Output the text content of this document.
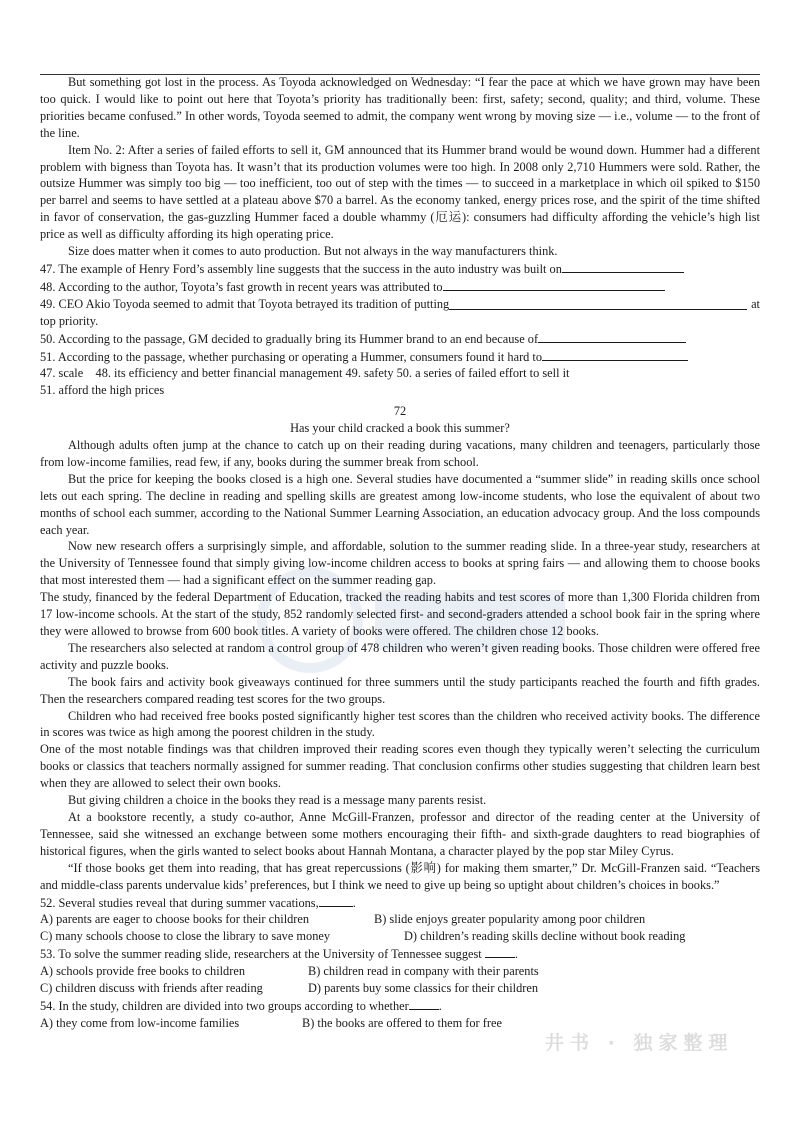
But something got lost in the process. As Toyoda acknowledged on Wednesday: “I fear the pace at which we have grown may have been too quick. I would like to point out here that Toyota’s priority has traditionally been: first, safety; second, quality; and third, volume. These priorities became confused.” In other words, Toyoda seemed to admit, the company went wrong by moving size — i.e., volume — to the front of the line.

Item No. 2: After a series of failed efforts to sell it, GM announced that its Hummer brand would be wound down. Hummer had a different problem with bigness than Toyota has. It wasn’t that its production volumes were too high. In 2008 only 2,710 Hummers were sold. Rather, the outsize Hummer was simply too big — too inefficient, too out of step with the times — to succeed in a marketplace in which oil spiked to $150 per barrel and seems to have settled at a plateau above $70 a barrel. As the economy tanked, energy prices rose, and the spirit of the time shifted in favor of conservation, the gas-guzzling Hummer faced a double whammy (厄运): consumers had difficulty affording the vehicle’s high list price as well as difficulty affording its high operating price.

Size does matter when it comes to auto production. But not always in the way manufacturers think.

47. The example of Henry Ford’s assembly line suggests that the success in the auto industry was built on

48. According to the author, Toyota’s fast growth in recent years was attributed to

49. CEO Akio Toyoda seemed to admit that Toyota betrayed its tradition of putting	at

top priority.

50. According to the passage, GM decided to gradually bring its Hummer brand to an end because of

51. According to the passage, whether purchasing or operating a Hummer, consumers found it hard to

47. scale    48. its efficiency and better financial management 49. safety 50. a series of failed effort to sell it

51. afford the high prices

72

Has your child cracked a book this summer?

Although adults often jump at the chance to catch up on their reading during vacations, many children and teenagers, particularly those from low-income families, read few, if any, books during the summer break from school.

But the price for keeping the books closed is a high one. Several studies have documented a “summer slide” in reading skills once school lets out each spring. The decline in reading and spelling skills are greatest among low-income students, who lose the equivalent of about two months of school each summer, according to the National Summer Learning Association, an education advocacy group. And the loss compounds each year.

Now new research offers a surprisingly simple, and affordable, solution to the summer reading slide. In a three-year study, researchers at the University of Tennessee found that simply giving low-income children access to books at spring fairs — and allowing them to choose books that most interested them — had a significant effect on the summer reading gap.

The study, financed by the federal Department of Education, tracked the reading habits and test scores of more than 1,300 Florida children from 17 low-income schools. At the start of the study, 852 randomly selected first- and second-graders attended a school book fair in the spring where they were allowed to browse from 600 book titles. A variety of books were offered. The children chose 12 books.

The researchers also selected at random a control group of 478 children who weren’t given reading books. Those children were offered free activity and puzzle books.

The book fairs and activity book giveaways continued for three summers until the study participants reached the fourth and fifth grades. Then the researchers compared reading test scores for the two groups.

Children who had received free books posted significantly higher test scores than the children who received activity books. The difference in scores was twice as high among the poorest children in the study.

One of the most notable findings was that children improved their reading scores even though they typically weren’t selecting the curriculum books or classics that teachers normally assigned for summer reading. That conclusion confirms other studies suggesting that children learn best when they are allowed to select their own books.

But giving children a choice in the books they read is a message many parents resist.

At a bookstore recently, a study co-author, Anne McGill-Franzen, professor and director of the reading center at the University of Tennessee, said she witnessed an exchange between some mothers encouraging their fifth- and sixth-grade daughters to read biographies of historical figures, when the girls wanted to select books about Hannah Montana, a character played by the pop star Miley Cyrus.

“If those books get them into reading, that has great repercussions (影响) for making them smarter,” Dr. McGill-Franzen said. “Teachers and middle-class parents undervalue kids’ preferences, but I think we need to give up being so uptight about children’s choices in books.”

52. Several studies reveal that during summer vacations,	.

A) parents are eager to choose books for their children	B) slide enjoys greater popularity among poor children
C) many schools choose to close the library to save money	D) children’s reading skills decline without book reading

53. To solve the summer reading slide, researchers at the University of Tennessee suggest	.

A) schools provide free books to children	B) children read in company with their parents
C) children discuss with friends after reading	D) parents buy some classics for their children

54. In the study, children are divided into two groups according to whether .

A) they come from low-income families	B) the books are offered to them for free
井书 · 独家整理
